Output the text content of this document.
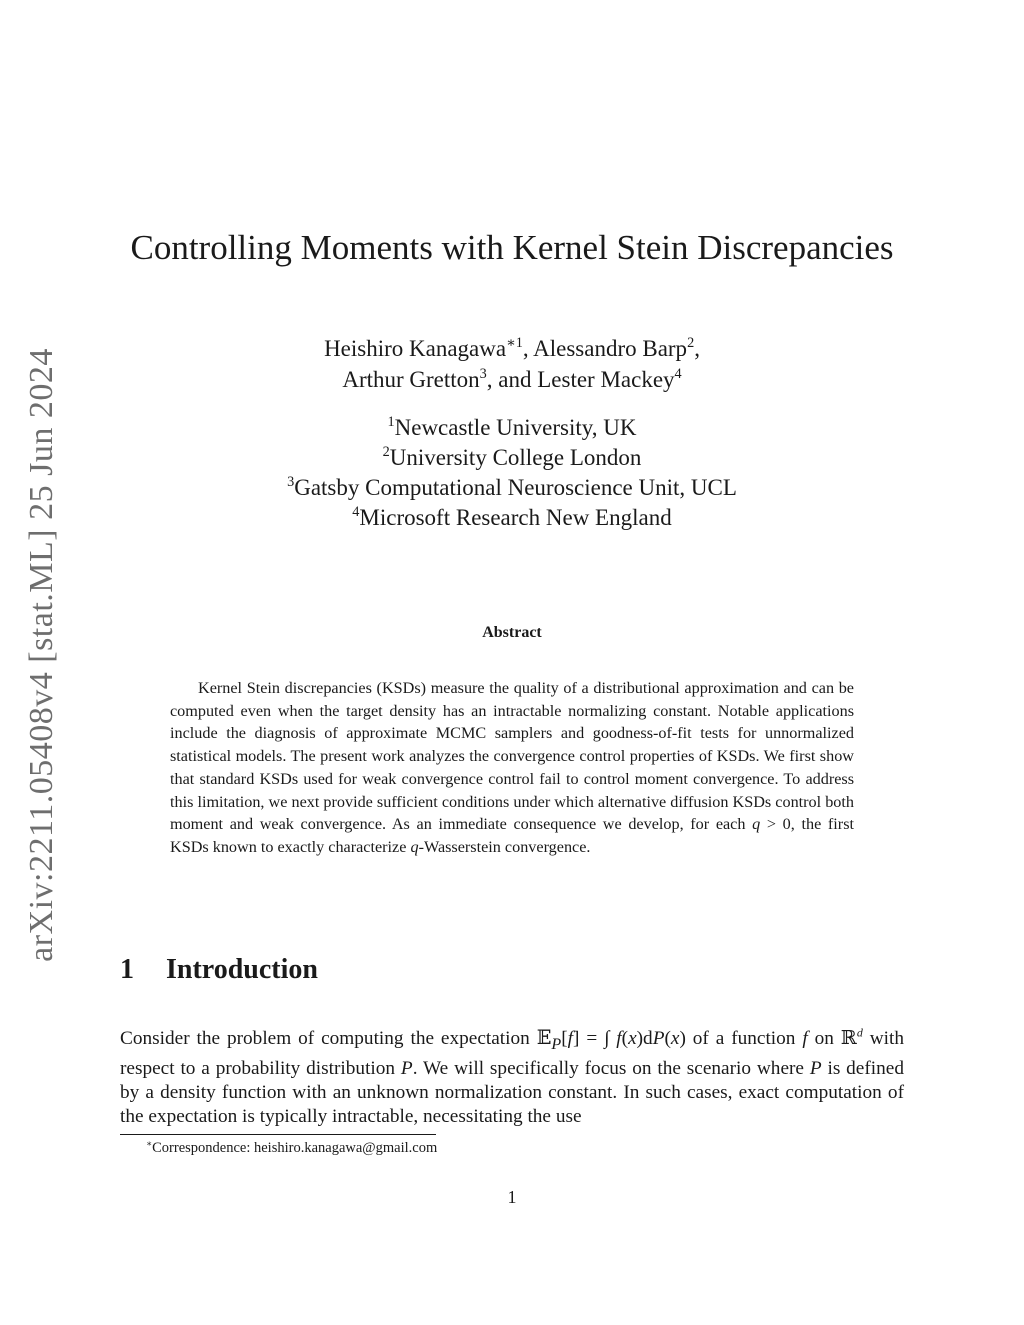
arXiv:2211.05408v4 [stat.ML] 25 Jun 2024
Controlling Moments with Kernel Stein Discrepancies
Heishiro Kanagawa$^{∗1}$, Alessandro Barp$^2$,
Arthur Gretton$^3$, and Lester Mackey$^4$
$^1$Newcastle University, UK
$^2$University College London
$^3$Gatsby Computational Neuroscience Unit, UCL
$^4$Microsoft Research New England
Abstract

Kernel Stein discrepancies (KSDs) measure the quality of a distributional approximation and can be computed even when the target density has an intractable normalizing constant. Notable applications include the diagnosis of approximate MCMC samplers and goodness-of-fit tests for unnormalized statistical models. The present work analyzes the convergence control properties of KSDs. We first show that standard KSDs used for weak convergence control fail to control moment convergence. To address this limitation, we next provide sufficient conditions under which alternative diffusion KSDs control both moment and weak convergence. As an immediate consequence we develop, for each q > 0, the first KSDs known to exactly characterize q-Wasserstein convergence.

1 Introduction

Consider the problem of computing the expectation 𝔼$_P$[f] = ∫ f(x)dP(x) of a function f on ℝ$^d$ with respect to a probability distribution P. We will specifically focus on the scenario where P is defined by a density function with an unknown normalization constant. In such cases, exact computation of the expectation is typically intractable, necessitating the use

∗Correspondence: heishiro.kanagawa@gmail.com
1
